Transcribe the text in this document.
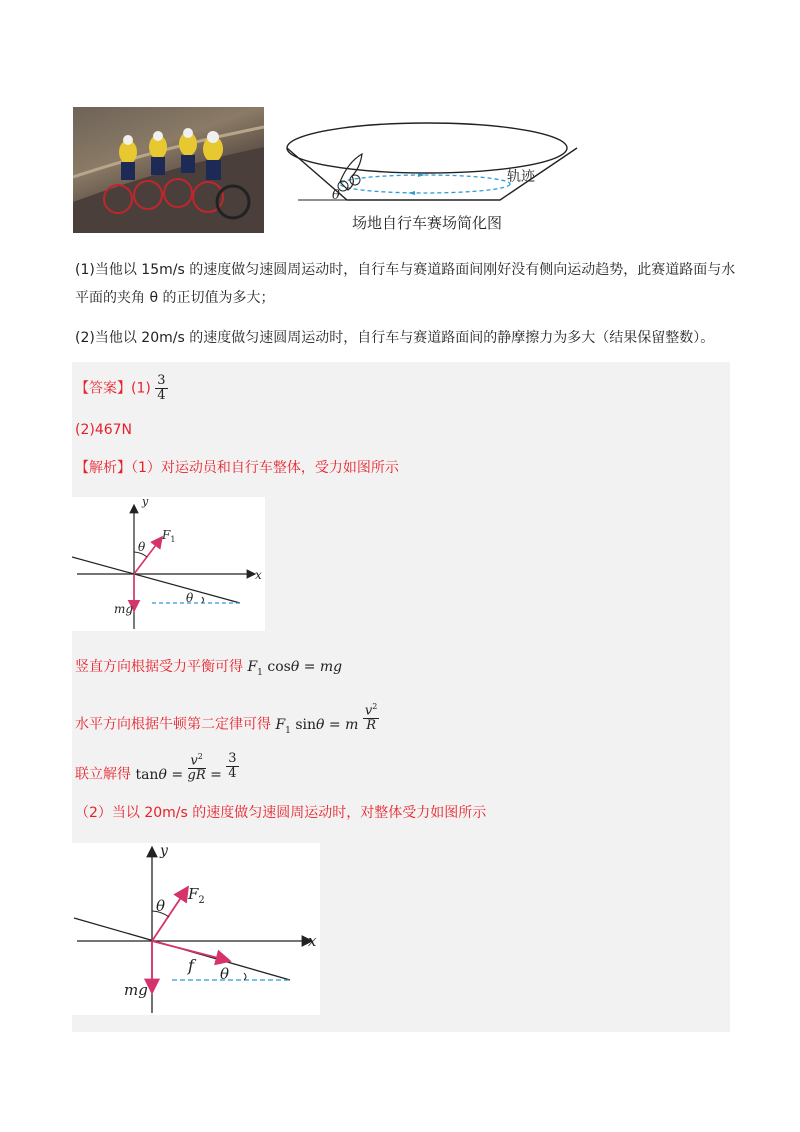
轨迹
θ
场地自行车赛场简化图
(1)当他以 15m/s 的速度做匀速圆周运动时，自行车与赛道路面间刚好没有侧向运动趋势，此赛道路面与水
平面的夹角 θ 的正切值为多大；
(2)当他以 20m/s 的速度做匀速圆周运动时，自行车与赛道路面间的静摩擦力为多大（结果保留整数）。
【答案】$(1) \frac{3}{4}$
(2)467N
【解析】（1）对运动员和自行车整体，受力如图所示
y
x
θ
θ
$F_1$
mg
竖直方向根据受力平衡可得 $F_1$ cosθ = mg
水平方向根据牛顿第二定律可得 $F_1$ sinθ = m $\frac{v^2}{R}$
联立解得 $\tan\theta = \frac{v^2}{gR} = \frac{3}{4}$
（2）当以 20m/s 的速度做匀速圆周运动时，对整体受力如图所示
y
x
θ
θ
$F_2$
f
mg
